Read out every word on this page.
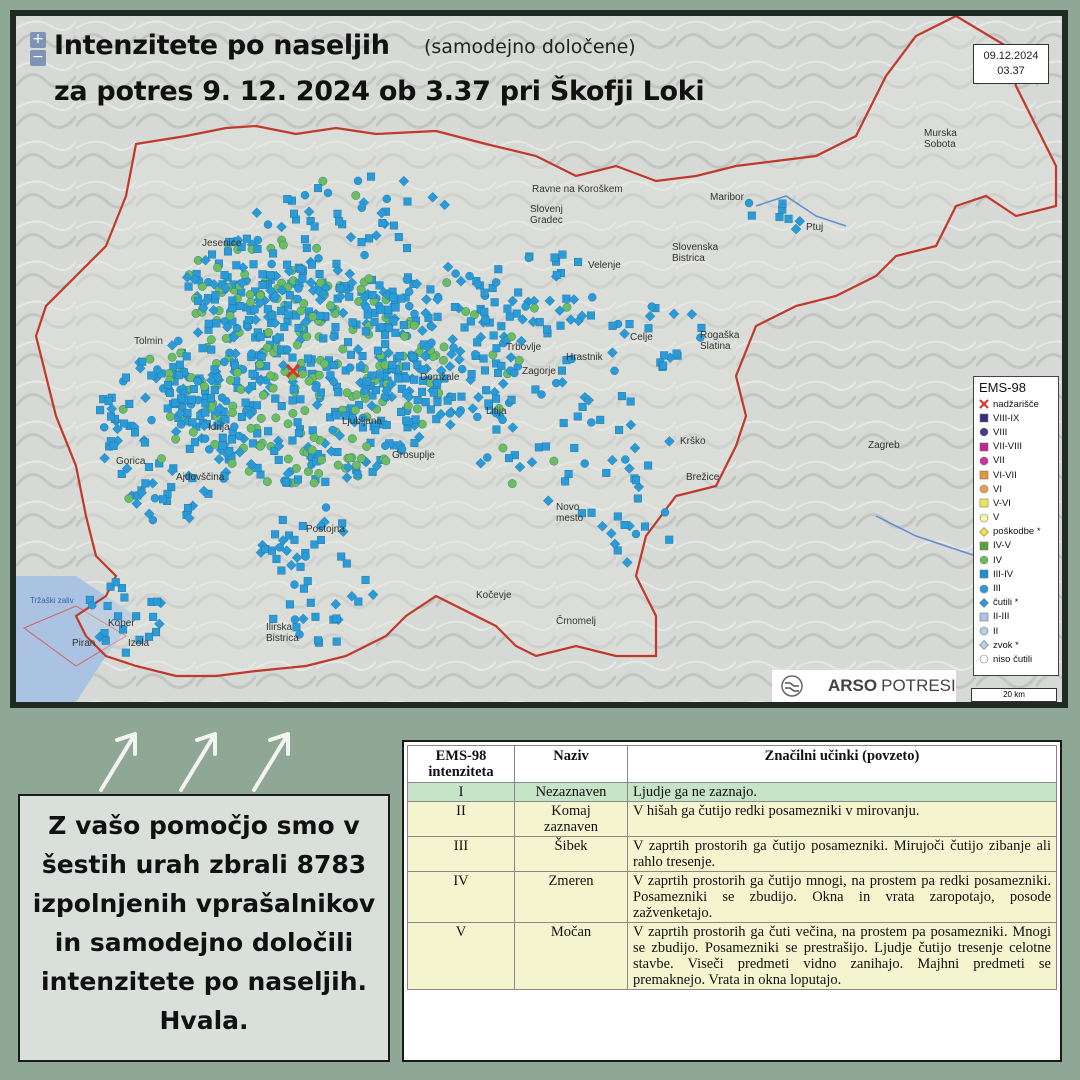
+
− Intenzitete po naseljih (samodejno določene)
za potres 9. 12. 2024 ob 3.37 pri Škofji Loki
09.12.2024
03.37
Jesenice
Tolmin
Ljubljana
Idrija
Gorica
Ajdovščina
Postojna
Koper
Izola
Piran
Ilirska
Bistrica
Kočevje
Črnomelj
Novo
mesto
Brežice
Krško
Celje
Velenje
Trbovlje
Hrastnik
Zagorje
Litija
Grosuplje
Maribor
Ptuj
Murska
Sobota
Ravne na Koroškem
Slovenj
Gradec
Slovenska
Bistrica
Rogaška
Slatina
Zagreb
Domžale
Tržaški zaliv
EMS-98
nadžarišče
VIII-IX
VIII
VII-VIII
VII
VI-VII
VI
V-VI
V
poškodbe *
IV-V
IV
III-IV
III
čutili *
II-III
II
zvok *
niso čutili
ARSO POTRESI	20 km
Z vašo pomočjo smo v
šestih urah zbrali 8783
izpolnjenih vprašalnikov
in samodejno določili
intenzitete po naseljih.
Hvala.
EMS-98
intenziteta	Naziv	Značilni učinki (povzeto)
I	Nezaznaven	Ljudje ga ne zaznajo.
II	Komaj
zaznaven	V hišah ga čutijo redki posamezniki v mirovanju.
III	Šibek	V zaprtih prostorih ga čutijo posamezniki. Mirujoči čutijo zibanje ali rahlo tresenje.
IV	Zmeren	V zaprtih prostorih ga čutijo mnogi, na prostem pa redki posamezniki. Posamezniki se zbudijo. Okna in vrata zaropotajo, posode zažvenketajo.
V	Močan	V zaprtih prostorih ga čuti večina, na prostem pa posamezniki. Mnogi se zbudijo. Posamezniki se prestrašijo. Ljudje čutijo tresenje celotne stavbe. Viseči predmeti vidno zanihajo. Majhni predmeti se premaknejo. Vrata in okna loputajo.
